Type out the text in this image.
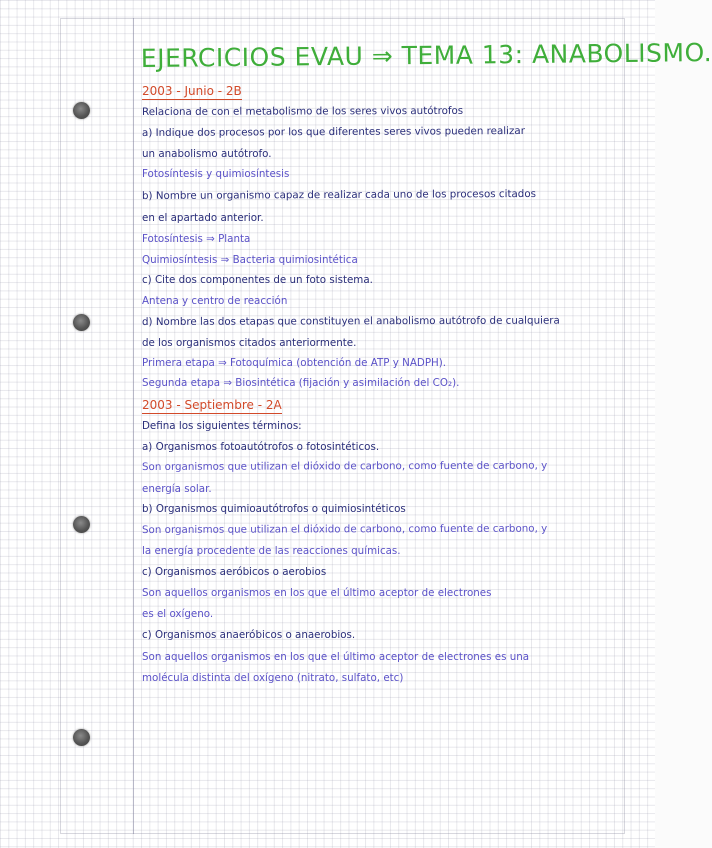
EJERCICIOS EVAU ⇒ TEMA 13: ANABOLISMO.
2003 - Junio - 2B
Relaciona de con el metabolismo de los seres vivos autótrofos
a) Indique dos procesos por los que diferentes seres vivos pueden realizar
un anabolismo autótrofo.
Fotosíntesis y quimiosíntesis
b) Nombre un organismo capaz de realizar cada uno de los procesos citados
en el apartado anterior.
Fotosíntesis ⇒ Planta
Quimiosíntesis ⇒ Bacteria quimiosintética
c) Cite dos componentes de un foto sistema.
Antena y centro de reacción
d) Nombre las dos etapas que constituyen el anabolismo autótrofo de cualquiera
de los organismos citados anteriormente.
Primera etapa ⇒ Fotoquímica (obtención de ATP y NADPH).
Segunda etapa ⇒ Biosintética (fijación y asimilación del CO₂).
2003 - Septiembre - 2A
Defina los siguientes términos:
a) Organismos fotoautótrofos o fotosintéticos.
Son organismos que utilizan el dióxido de carbono, como fuente de carbono, y
energía solar.
b) Organismos quimioautótrofos o quimiosintéticos
Son organismos que utilizan el dióxido de carbono, como fuente de carbono, y
la energía procedente de las reacciones químicas.
c) Organismos aeróbicos o aerobios
Son aquellos organismos en los que el último aceptor de electrones
es el oxígeno.
c) Organismos anaeróbicos o anaerobios.
Son aquellos organismos en los que el último aceptor de electrones es una
molécula distinta del oxígeno (nitrato, sulfato, etc)
